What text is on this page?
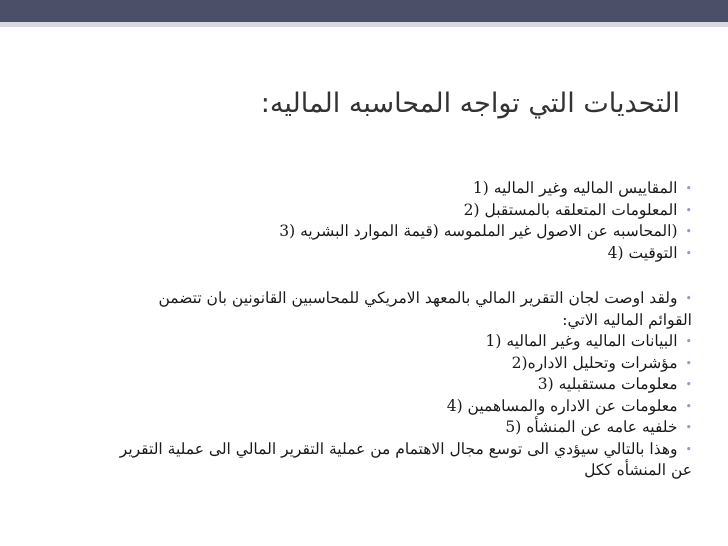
التحديات التي تواجه المحاسبه الماليه:
•المقاييس الماليه وغير الماليه (1
•المعلومات المتعلقه بالمستقبل (2
•(المحاسبه عن الاصول غير الملموسه (قيمة الموارد البشريه (3
•التوقيت (4
•ولقد اوصت لجان التقرير المالي بالمعهد الامريكي للمحاسبين القانونين بان تتضمن
القوائم الماليه الاتي:
•البيانات الماليه وغير الماليه (1
•مؤشرات وتحليل الاداره(2
•معلومات مستقبليه (3
•معلومات عن الاداره والمساهمين (4
•خلفيه عامه عن المنشأه (5
•وهذا بالتالي سيؤدي الى توسع مجال الاهتمام من عملية التقرير المالي الى عملية التقرير
عن المنشأه ككل
